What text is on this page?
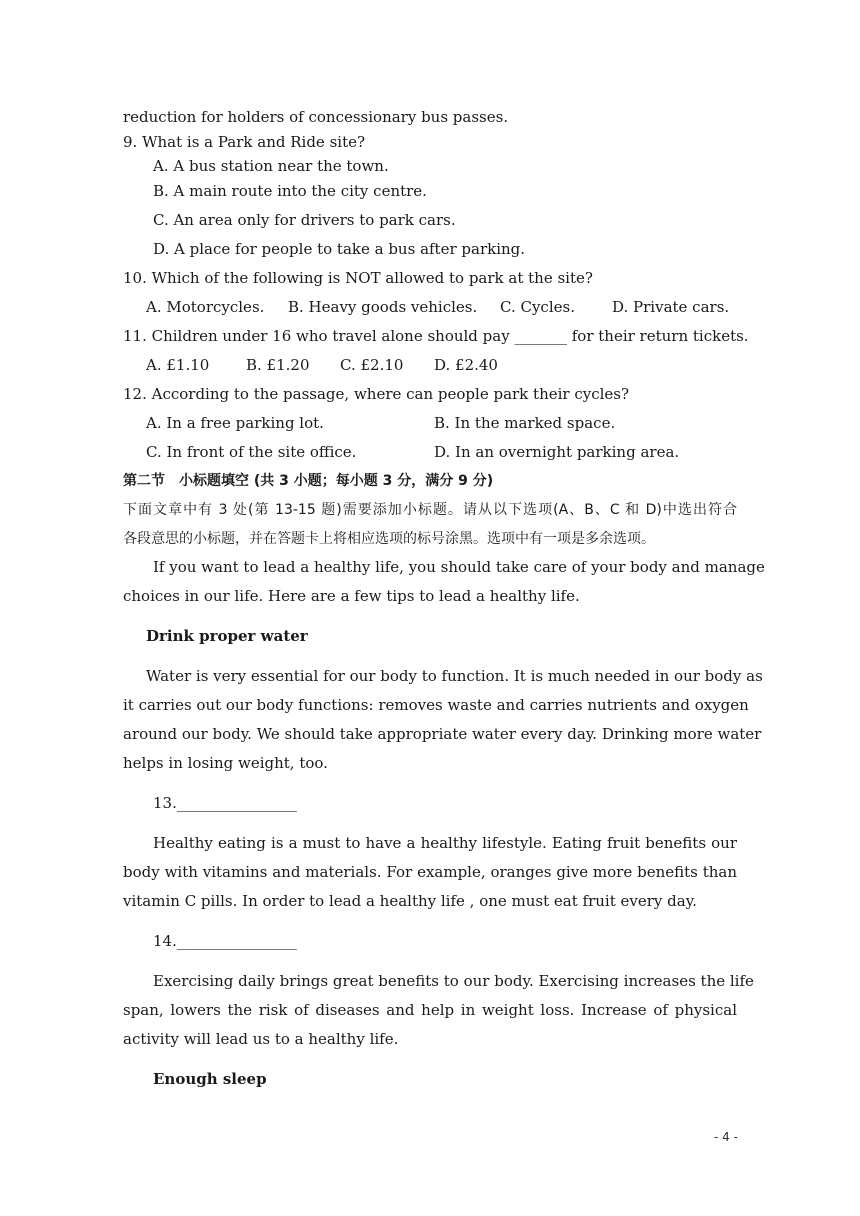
reduction for holders of concessionary bus passes.
9. What is a Park and Ride site?
A. A bus station near the town.
B. A main route into the city centre.
C. An area only for drivers to park cars.
D. A place for people to take a bus after parking.
10. Which of the following is NOT allowed to park at the site?
A. Motorcycles. B. Heavy goods vehicles. C. Cycles. D. Private cars.
11. Children under 16 who travel alone should pay _______ for their return tickets.
A. £1.10 B. £1.20 C. £2.10 D. £2.40
12. According to the passage, where can people park their cycles?
A. In a free parking lot.	B. In the marked space.
C. In front of the site office.	D. In an overnight parking area.
第二节　小标题填空 (共 3 小题；每小题 3 分，满分 9 分)
下面文章中有 3 处(第 13-15 题)需要添加小标题。请从以下选项(A、B、C 和 D)中选出符合
各段意思的小标题，并在答题卡上将相应选项的标号涂黑。选项中有一项是多余选项。
If you want to lead a healthy life, you should take care of your body and manage
choices in our life. Here are a few tips to lead a healthy life.
Drink proper water
Water is very essential for our body to function. It is much needed in our body as
it carries out our body functions: removes waste and carries nutrients and oxygen
around our body. We should take appropriate water every day. Drinking more water
helps in losing weight, too.
13.________________
Healthy eating is a must to have a healthy lifestyle. Eating fruit benefits our
body with vitamins and materials. For example, oranges give more benefits than
vitamin C pills. In order to lead a healthy life , one must eat fruit every day.
14.________________
Exercising daily brings great benefits to our body. Exercising increases the life
span, lowers the risk of diseases and help in weight loss. Increase of physical
activity will lead us to a healthy life.
Enough sleep
- 4 -
